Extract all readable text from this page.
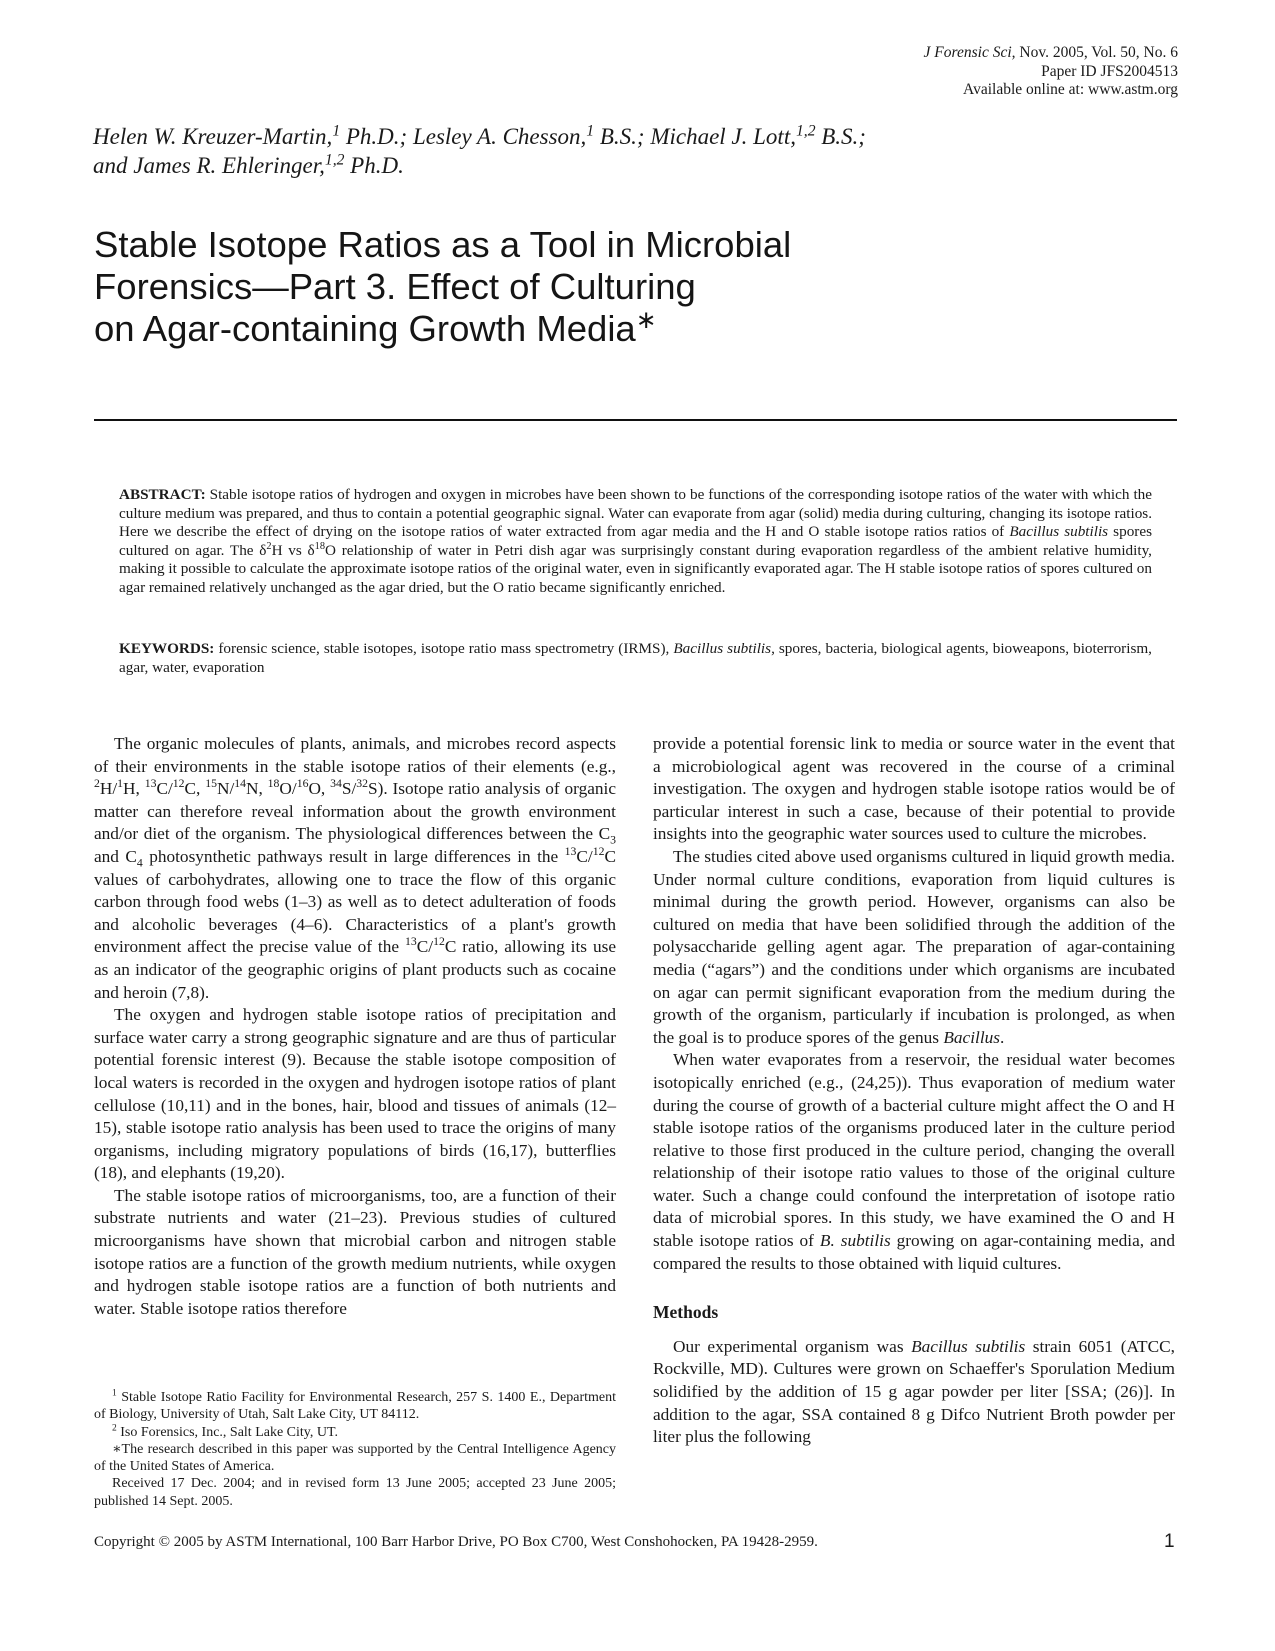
J Forensic Sci, Nov. 2005, Vol. 50, No. 6
Paper ID JFS2004513
Available online at: www.astm.org
Helen W. Kreuzer-Martin,$^1$ Ph.D.; Lesley A. Chesson,$^1$ B.S.; Michael J. Lott,$^{1,2}$ B.S.;
and James R. Ehleringer,$^{1,2}$ Ph.D.
Stable Isotope Ratios as a Tool in Microbial
Forensics—Part 3. Effect of Culturing
on Agar-containing Growth Media∗

ABSTRACT: Stable isotope ratios of hydrogen and oxygen in microbes have been shown to be functions of the corresponding isotope ratios of the water with which the culture medium was prepared, and thus to contain a potential geographic signal. Water can evaporate from agar (solid) media during culturing, changing its isotope ratios. Here we describe the effect of drying on the isotope ratios of water extracted from agar media and the H and O stable isotope ratios ratios of Bacillus subtilis spores cultured on agar. The $\delta^2H$ vs $\delta^{18}O$ relationship of water in Petri dish agar was surprisingly constant during evaporation regardless of the ambient relative humidity, making it possible to calculate the approximate isotope ratios of the original water, even in significantly evaporated agar. The H stable isotope ratios of spores cultured on agar remained relatively unchanged as the agar dried, but the O ratio became significantly enriched.

KEYWORDS: forensic science, stable isotopes, isotope ratio mass spectrometry (IRMS), Bacillus subtilis, spores, bacteria, biological agents, bioweapons, bioterrorism, agar, water, evaporation

The organic molecules of plants, animals, and microbes record aspects of their environments in the stable isotope ratios of their elements (e.g., $^2$H/$^1$H, $^{13}$C/$^{12}$C, $^{15}$N/$^{14}$N, $^{18}$O/$^{16}$O, $^{34}$S/$^{32}$S). Isotope ratio analysis of organic matter can therefore reveal information about the growth environment and/or diet of the organism. The physiological differences between the $C_3$ and $C_4$ photosynthetic pathways result in large differences in the $^{13}$C/$^{12}$C values of carbohydrates, allowing one to trace the flow of this organic carbon through food webs (1–3) as well as to detect adulteration of foods and alcoholic beverages (4–6). Characteristics of a plant's growth environment affect the precise value of the $^{13}$C/$^{12}$C ratio, allowing its use as an indicator of the geographic origins of plant products such as cocaine and heroin (7,8).

The oxygen and hydrogen stable isotope ratios of precipitation and surface water carry a strong geographic signature and are thus of particular potential forensic interest (9). Because the stable isotope composition of local waters is recorded in the oxygen and hydrogen isotope ratios of plant cellulose (10,11) and in the bones, hair, blood and tissues of animals (12–15), stable isotope ratio analysis has been used to trace the origins of many organisms, including migratory populations of birds (16,17), butterflies (18), and elephants (19,20).

The stable isotope ratios of microorganisms, too, are a function of their substrate nutrients and water (21–23). Previous studies of cultured microorganisms have shown that microbial carbon and nitrogen stable isotope ratios are a function of the growth medium nutrients, while oxygen and hydrogen stable isotope ratios are a function of both nutrients and water. Stable isotope ratios therefore

provide a potential forensic link to media or source water in the event that a microbiological agent was recovered in the course of a criminal investigation. The oxygen and hydrogen stable isotope ratios would be of particular interest in such a case, because of their potential to provide insights into the geographic water sources used to culture the microbes.

The studies cited above used organisms cultured in liquid growth media. Under normal culture conditions, evaporation from liquid cultures is minimal during the growth period. However, organisms can also be cultured on media that have been solidified through the addition of the polysaccharide gelling agent agar. The preparation of agar-containing media (“agars”) and the conditions under which organisms are incubated on agar can permit significant evaporation from the medium during the growth of the organism, particularly if incubation is prolonged, as when the goal is to produce spores of the genus Bacillus.

When water evaporates from a reservoir, the residual water becomes isotopically enriched (e.g., (24,25)). Thus evaporation of medium water during the course of growth of a bacterial culture might affect the O and H stable isotope ratios of the organisms produced later in the culture period relative to those first produced in the culture period, changing the overall relationship of their isotope ratio values to those of the original culture water. Such a change could confound the interpretation of isotope ratio data of microbial spores. In this study, we have examined the O and H stable isotope ratios of B. subtilis growing on agar-containing media, and compared the results to those obtained with liquid cultures.

Methods

Our experimental organism was Bacillus subtilis strain 6051 (ATCC, Rockville, MD). Cultures were grown on Schaeffer's Sporulation Medium solidified by the addition of 15 g agar powder per liter [SSA; (26)]. In addition to the agar, SSA contained 8 g Difco Nutrient Broth powder per liter plus the following

$^1$ Stable Isotope Ratio Facility for Environmental Research, 257 S. 1400 E., Department of Biology, University of Utah, Salt Lake City, UT 84112.

$^2$ Iso Forensics, Inc., Salt Lake City, UT.

∗The research described in this paper was supported by the Central Intelligence Agency of the United States of America.

Received 17 Dec. 2004; and in revised form 13 June 2005; accepted 23 June 2005; published 14 Sept. 2005.

Copyright © 2005 by ASTM International, 100 Barr Harbor Drive, PO Box C700, West Conshohocken, PA 19428-2959.	1
